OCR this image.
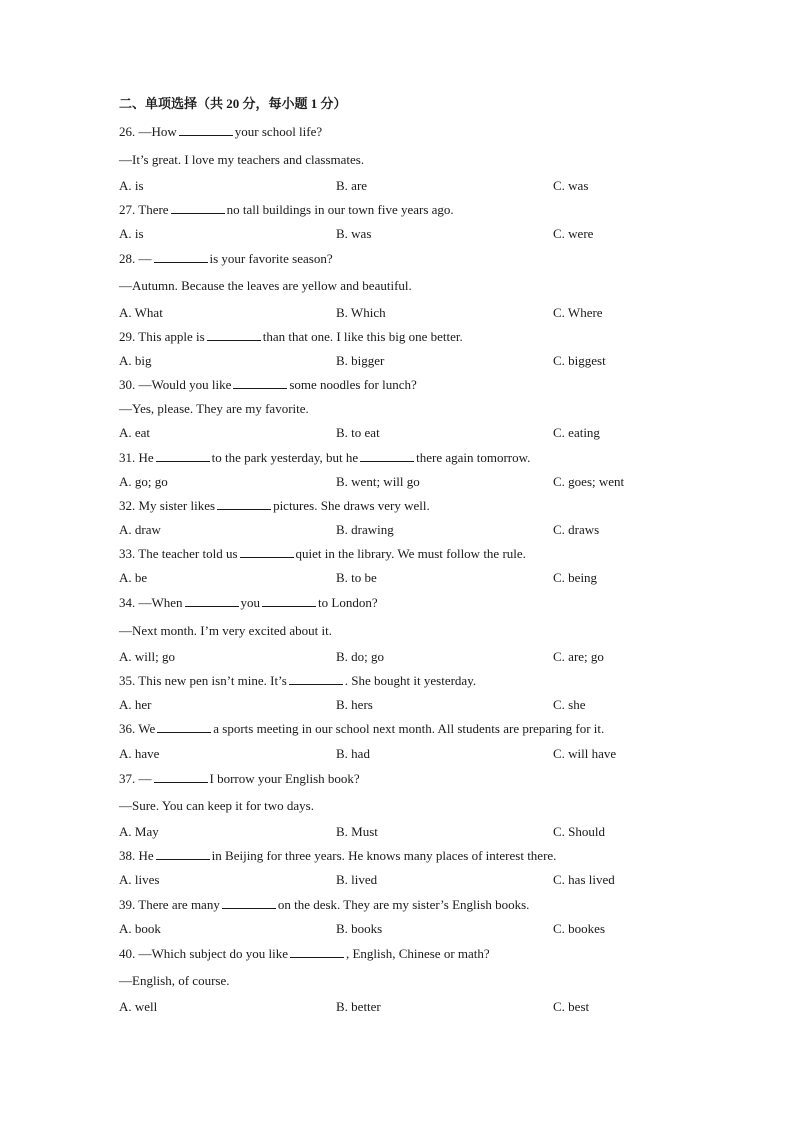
二、单项选择（共 20 分，每小题 1 分）
26. —How	your school life?
—It’s great. I love my teachers and classmates.
A. is	B. are	C. was
27. There	no tall buildings in our town five years ago.
A. is	B. was	C. were
28. —	is your favorite season?
—Autumn. Because the leaves are yellow and beautiful.
A. What	B. Which	C. Where
29. This apple is	than that one. I like this big one better.
A. big	B. bigger	C. biggest
30. —Would you like	some noodles for lunch?
—Yes, please. They are my favorite.
A. eat	B. to eat	C. eating
31. He	to the park yesterday, but he	there again tomorrow.
A. go; go	B. went; will go	C. goes; went
32. My sister likes	pictures. She draws very well.
A. draw	B. drawing	C. draws
33. The teacher told us	quiet in the library. We must follow the rule.
A. be	B. to be	C. being
34. —When	you	to London?
—Next month. I’m very excited about it.
A. will; go	B. do; go	C. are; go
35. This new pen isn’t mine. It’s	. She bought it yesterday.
A. her	B. hers	C. she
36. We	a sports meeting in our school next month. All students are preparing for it.
A. have	B. had	C. will have
37. —	I borrow your English book?
—Sure. You can keep it for two days.
A. May	B. Must	C. Should
38. He	in Beijing for three years. He knows many places of interest there.
A. lives	B. lived	C. has lived
39. There are many	on the desk. They are my sister’s English books.
A. book	B. books	C. bookes
40. —Which subject do you like	, English, Chinese or math?
—English, of course.
A. well	B. better	C. best
